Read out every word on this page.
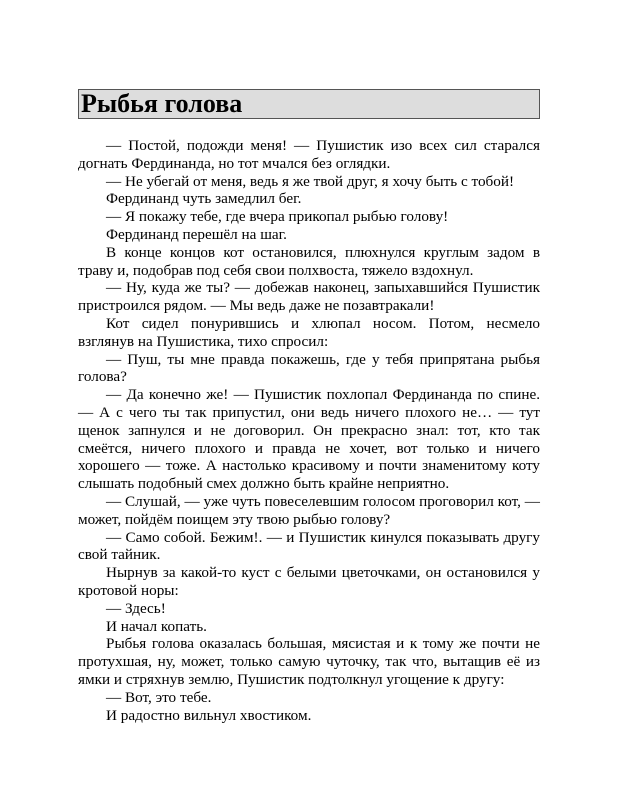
Рыбья голова

— Постой, подожди меня! — Пушистик изо всех сил старался догнать Фердинанда, но тот мчался без оглядки.

— Не убегай от меня, ведь я же твой друг, я хочу быть с тобой!

Фердинанд чуть замедлил бег.

— Я покажу тебе, где вчера прикопал рыбью голову!

Фердинанд перешёл на шаг.

В конце концов кот остановился, плюхнулся круглым задом в траву и, подобрав под себя свои полхвоста, тяжело вздохнул.

— Ну, куда же ты? — добежав наконец, запыхавшийся Пушистик пристроился рядом. — Мы ведь даже не позавтракали!

Кот сидел понурившись и хлюпал носом. Потом, несмело взглянув на Пушистика, тихо спросил:

— Пуш, ты мне правда покажешь, где у тебя припрятана рыбья голова?

— Да конечно же! — Пушистик похлопал Фердинанда по спине. — А с чего ты так припустил, они ведь ничего плохого не… — тут щенок запнулся и не договорил. Он прекрасно знал: тот, кто так смеётся, ничего плохого и правда не хочет, вот только и ничего хорошего — тоже. А настолько красивому и почти знаменитому коту слышать подобный смех должно быть крайне неприятно.

— Слушай, — уже чуть повеселевшим голосом проговорил кот, — может, пойдём поищем эту твою рыбью голову?

— Само собой. Бежим!. — и Пушистик кинулся показывать другу свой тайник.

Нырнув за какой-то куст с белыми цветочками, он остановился у кротовой норы:

— Здесь!

И начал копать.

Рыбья голова оказалась большая, мясистая и к тому же почти не протухшая, ну, может, только самую чуточку, так что, вытащив её из ямки и стряхнув землю, Пушистик подтолкнул угощение к другу:

— Вот, это тебе.

И радостно вильнул хвостиком.
